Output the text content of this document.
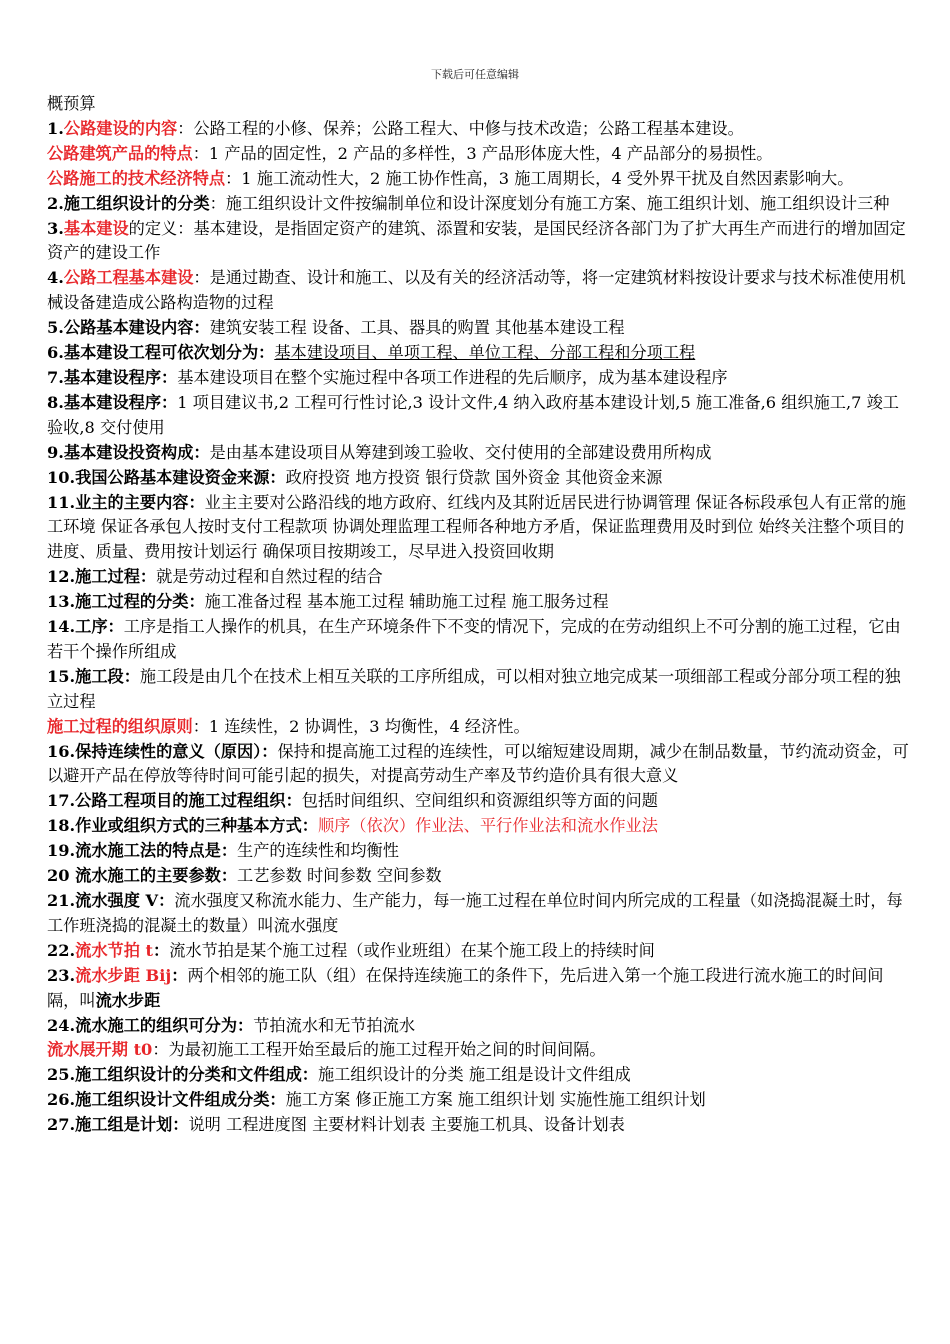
下载后可任意编辑

概预算

1.公路建设的内容：公路工程的小修、保养；公路工程大、中修与技术改造；公路工程基本建设。

公路建筑产品的特点：1 产品的固定性，2 产品的多样性，3 产品形体庞大性，4 产品部分的易损性。

公路施工的技术经济特点：1 施工流动性大，2 施工协作性高，3 施工周期长，4 受外界干扰及自然因素影响大。

2.施工组织设计的分类：施工组织设计文件按编制单位和设计深度划分有施工方案、施工组织计划、施工组织设计三种

3.基本建设的定义：基本建设，是指固定资产的建筑、添置和安装，是国民经济各部门为了扩大再生产而进行的增加固定资产的建设工作

4.公路工程基本建设：是通过勘查、设计和施工、以及有关的经济活动等，将一定建筑材料按设计要求与技术标准使用机械设备建造成公路构造物的过程

5.公路基本建设内容：建筑安装工程 设备、工具、器具的购置 其他基本建设工程

6.基本建设工程可依次划分为：基本建设项目、单项工程、单位工程、分部工程和分项工程

7.基本建设程序：基本建设项目在整个实施过程中各项工作进程的先后顺序，成为基本建设程序

8.基本建设程序：1 项目建议书,2 工程可行性讨论,3 设计文件,4 纳入政府基本建设计划,5 施工准备,6 组织施工,7 竣工验收,8 交付使用

9.基本建设投资构成：是由基本建设项目从筹建到竣工验收、交付使用的全部建设费用所构成

10.我国公路基本建设资金来源：政府投资 地方投资 银行贷款 国外资金 其他资金来源

11.业主的主要内容：业主主要对公路沿线的地方政府、红线内及其附近居民进行协调管理 保证各标段承包人有正常的施工环境 保证各承包人按时支付工程款项 协调处理监理工程师各种地方矛盾，保证监理费用及时到位 始终关注整个项目的进度、质量、费用按计划运行 确保项目按期竣工，尽早进入投资回收期

12.施工过程：就是劳动过程和自然过程的结合

13.施工过程的分类：施工准备过程 基本施工过程 辅助施工过程 施工服务过程

14.工序：工序是指工人操作的机具，在生产环境条件下不变的情况下，完成的在劳动组织上不可分割的施工过程，它由若干个操作所组成

15.施工段：施工段是由几个在技术上相互关联的工序所组成，可以相对独立地完成某一项细部工程或分部分项工程的独立过程

施工过程的组织原则：1 连续性，2 协调性，3 均衡性，4 经济性。

16.保持连续性的意义（原因）：保持和提高施工过程的连续性，可以缩短建设周期，减少在制品数量，节约流动资金，可以避开产品在停放等待时间可能引起的损失，对提高劳动生产率及节约造价具有很大意义

17.公路工程项目的施工过程组织：包括时间组织、空间组织和资源组织等方面的问题

18.作业或组织方式的三种基本方式：顺序（依次）作业法、平行作业法和流水作业法

19.流水施工法的特点是：生产的连续性和均衡性

20 流水施工的主要参数：工艺参数 时间参数 空间参数

21.流水强度 V：流水强度又称流水能力、生产能力，每一施工过程在单位时间内所完成的工程量（如浇捣混凝土时，每工作班浇捣的混凝土的数量）叫流水强度

22.流水节拍 t：流水节拍是某个施工过程（或作业班组）在某个施工段上的持续时间

23.流水步距 Bij：两个相邻的施工队（组）在保持连续施工的条件下，先后进入第一个施工段进行流水施工的时间间隔，叫流水步距

24.流水施工的组织可分为：节拍流水和无节拍流水

流水展开期 t0：为最初施工工程开始至最后的施工过程开始之间的时间间隔。

25.施工组织设计的分类和文件组成：施工组织设计的分类 施工组是设计文件组成

26.施工组织设计文件组成分类：施工方案 修正施工方案 施工组织计划 实施性施工组织计划

27.施工组是计划：说明 工程进度图 主要材料计划表 主要施工机具、设备计划表
